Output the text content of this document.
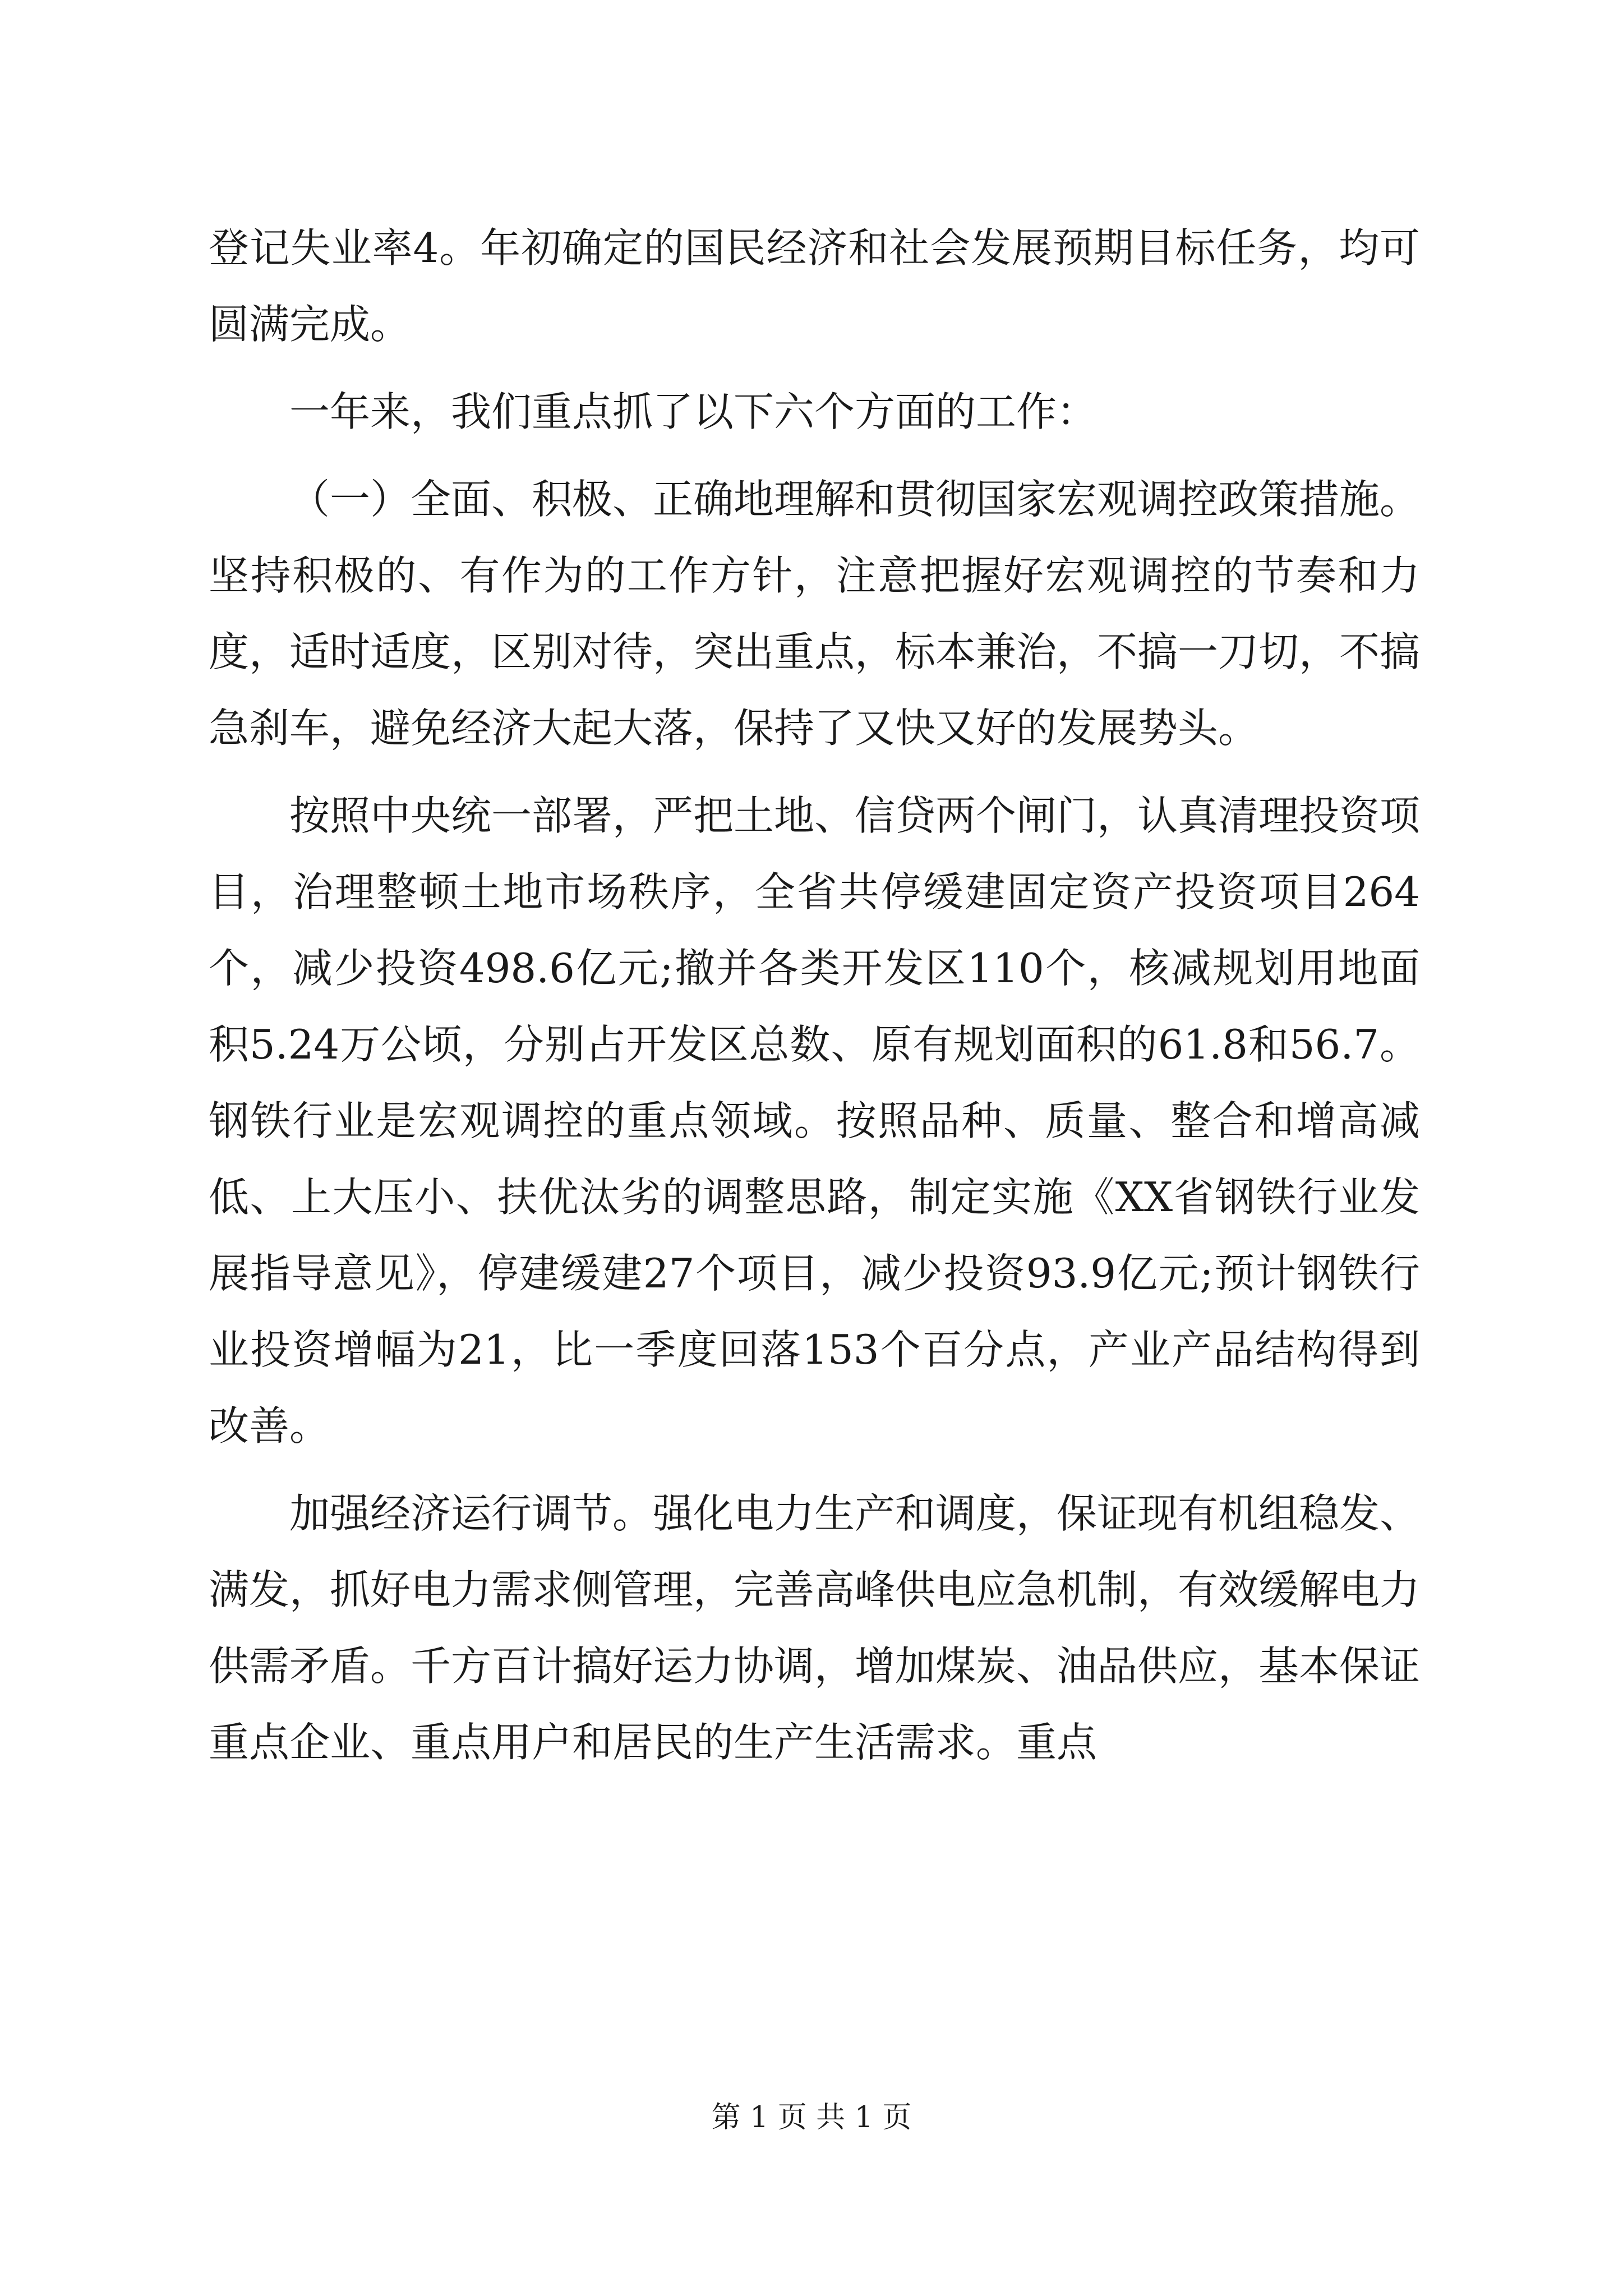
登记失业率4。年初确定的国民经济和社会发展预期目标任务，均可圆满完成。

一年来，我们重点抓了以下六个方面的工作：

（一）全面、积极、正确地理解和贯彻国家宏观调控政策措施。坚持积极的、有作为的工作方针，注意把握好宏观调控的节奏和力度，适时适度，区别对待，突出重点，标本兼治，不搞一刀切，不搞急刹车，避免经济大起大落，保持了又快又好的发展势头。

按照中央统一部署，严把土地、信贷两个闸门，认真清理投资项目，治理整顿土地市场秩序，全省共停缓建固定资产投资项目264个，减少投资498.6亿元;撤并各类开发区110个，核减规划用地面积5.24万公顷，分别占开发区总数、原有规划面积的61.8和56.7。钢铁行业是宏观调控的重点领域。按照品种、质量、整合和增高减低、上大压小、扶优汰劣的调整思路，制定实施《XX省钢铁行业发展指导意见》，停建缓建27个项目，减少投资93.9亿元;预计钢铁行业投资增幅为21，比一季度回落153个百分点，产业产品结构得到改善。

加强经济运行调节。强化电力生产和调度，保证现有机组稳发、满发，抓好电力需求侧管理，完善高峰供电应急机制，有效缓解电力供需矛盾。千方百计搞好运力协调，增加煤炭、油品供应，基本保证重点企业、重点用户和居民的生产生活需求。重点

第 1 页 共 1 页
